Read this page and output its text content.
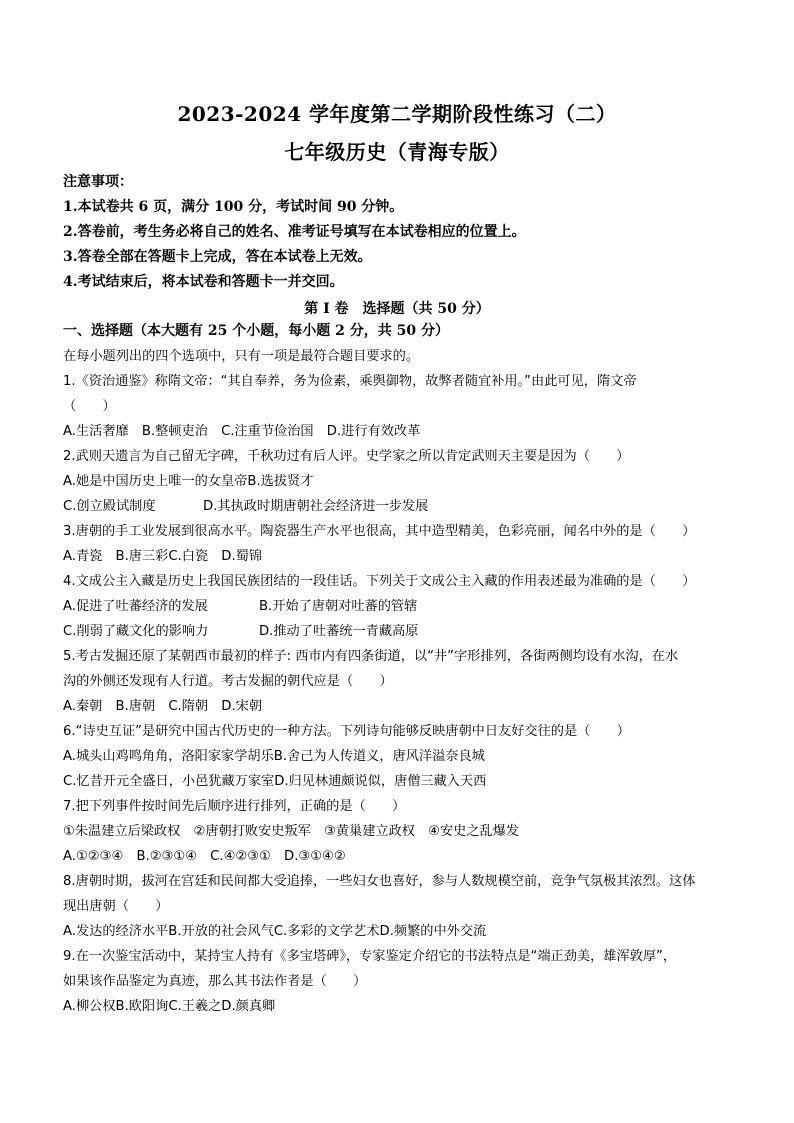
2023-2024 学年度第二学期阶段性练习（二）
七年级历史（青海专版）
注意事项：
1.本试卷共 6 页，满分 100 分，考试时间 90 分钟。
2.答卷前，考生务必将自己的姓名、准考证号填写在本试卷相应的位置上。
3.答卷全部在答题卡上完成，答在本试卷上无效。
4.考试结束后，将本试卷和答题卡一并交回。
第 I 卷　选择题（共 50 分）
一、选择题（本大题有 25 个小题，每小题 2 分，共 50 分）
在每小题列出的四个选项中，只有一项是最符合题目要求的。
1.《资治通鉴》称隋文帝：“其自奉养，务为俭素，乘舆御物，故弊者随宜补用。”由此可见，隋文帝
（　　）
A.生活奢靡　B.整顿吏治　C.注重节俭治国　D.进行有效改革
2.武则天遗言为自己留无字碑，千秋功过有后人评。史学家之所以肯定武则天主要是因为（　　）
A.她是中国历史上唯一的女皇帝B.选拔贤才
C.创立殿试制度	D.其执政时期唐朝社会经济进一步发展
3.唐朝的手工业发展到很高水平。陶瓷器生产水平也很高，其中造型精美，色彩亮丽，闻名中外的是（　　）
A.青瓷　B.唐三彩C.白瓷　D.蜀锦
4.文成公主入藏是历史上我国民族团结的一段佳话。下列关于文成公主入藏的作用表述最为准确的是（　　）
A.促进了吐蕃经济的发展	B.开始了唐朝对吐蕃的管辖
C.削弱了藏文化的影响力	D.推动了吐蕃统一青藏高原
5.考古发掘还原了某朝西市最初的样子: 西市内有四条街道，以“井”字形排列，各街两侧均设有水沟，在水
沟的外侧还发现有人行道。考古发掘的朝代应是（　　）
A.秦朝　B.唐朝　C.隋朝　D.宋朝
6.“诗史互证”是研究中国古代历史的一种方法。下列诗句能够反映唐朝中日友好交往的是（　　）
A.城头山鸡鸣角角，洛阳家家学胡乐B.舍己为人传道义，唐风洋溢奈良城
C.忆昔开元全盛日，小邑犹藏万家室D.归见林逋颇说似，唐僧三藏入天西
7.把下列事件按时间先后顺序进行排列，正确的是（　　）
①朱温建立后梁政权　②唐朝打败安史叛军　③黄巢建立政权　④安史之乱爆发
A.①②③④　B.②③①④　C.④②③①　D.③①④②
8.唐朝时期，拔河在宫廷和民间都大受追捧，一些妇女也喜好，参与人数规模空前，竞争气氛极其浓烈。这体
现出唐朝（　　）
A.发达的经济水平B.开放的社会风气C.多彩的文学艺术D.频繁的中外交流
9.在一次鉴宝活动中，某持宝人持有《多宝塔碑》，专家鉴定介绍它的书法特点是“端正劲美，雄浑敦厚”，
如果该作品鉴定为真迹，那么其书法作者是（　　）
A.柳公权B.欧阳询C.王羲之D.颜真卿
